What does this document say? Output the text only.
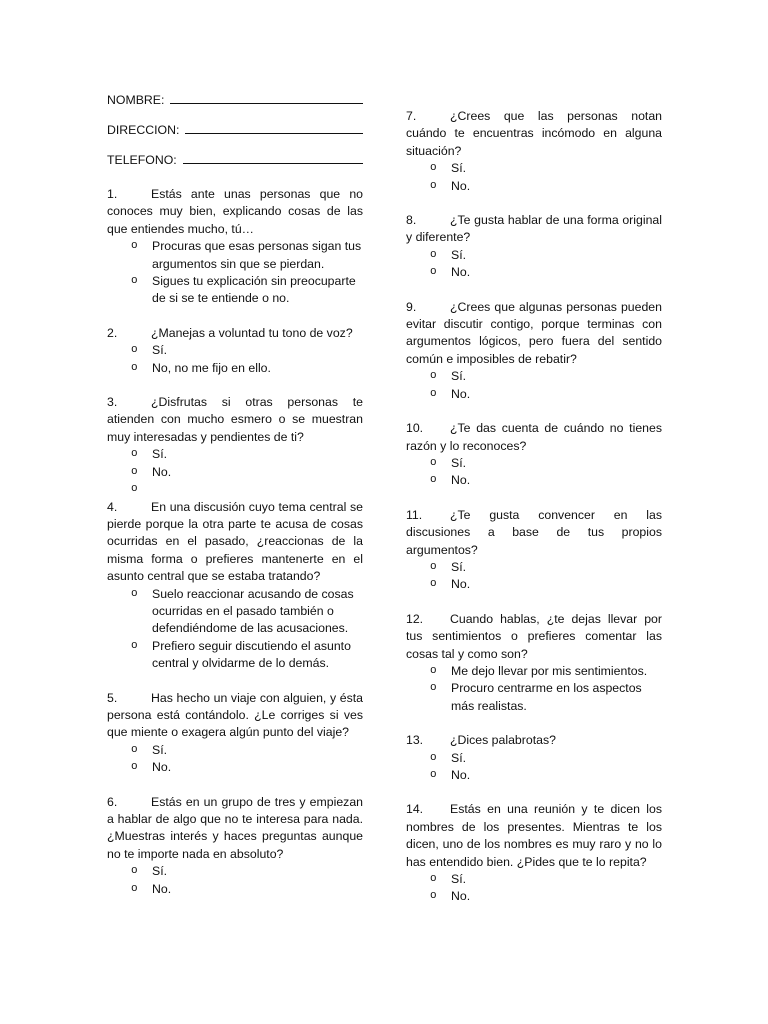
NOMBRE:
DIRECCION:
TELEFONO:
1.	Estás ante unas personas que no conoces muy bien, explicando cosas de las que entiendes mucho, tú…
o Procuras que esas personas sigan tus argumentos sin que se pierdan.
o Sigues tu explicación sin preocuparte de si se te entiende o no.
2.	¿Manejas a voluntad tu tono de voz?
o Sí.
o No, no me fijo en ello.
3.	¿Disfrutas si otras personas te atienden con mucho esmero o se muestran muy interesadas y pendientes de ti?
o Sí.
o No.
o

4.	En una discusión cuyo tema central se pierde porque la otra parte te acusa de cosas ocurridas en el pasado, ¿reaccionas de la misma forma o prefieres mantenerte en el asunto central que se estaba tratando?
o Suelo reaccionar acusando de cosas ocurridas en el pasado también o defendiéndome de las acusaciones.
o Prefiero seguir discutiendo el asunto central y olvidarme de lo demás.
5.	Has hecho un viaje con alguien, y ésta persona está contándolo. ¿Le corriges si ves que miente o exagera algún punto del viaje?
o Sí.
o No.
6.	Estás en un grupo de tres y empiezan a hablar de algo que no te interesa para nada. ¿Muestras interés y haces preguntas aunque no te importe nada en absoluto?
o Sí.
o No.
7.	¿Crees que las personas notan cuándo te encuentras incómodo en alguna situación?
o Sí.
o No.
8.	¿Te gusta hablar de una forma original y diferente?
o Sí.
o No.
9.	¿Crees que algunas personas pueden evitar discutir contigo, porque terminas con argumentos lógicos, pero fuera del sentido común e imposibles de rebatir?
o Sí.
o No.
10. ¿Te das cuenta de cuándo no tienes razón y lo reconoces?
o Sí.
o No.
11. ¿Te gusta convencer en las discusiones a base de tus propios argumentos?
o Sí.
o No.
12. Cuando hablas, ¿te dejas llevar por tus sentimientos o prefieres comentar las cosas tal y como son?
o Me dejo llevar por mis sentimientos.
o Procuro centrarme en los aspectos más realistas.
13. ¿Dices palabrotas?
o Sí.
o No.
14. Estás en una reunión y te dicen los nombres de los presentes. Mientras te los dicen, uno de los nombres es muy raro y no lo has entendido bien. ¿Pides que te lo repita?
o Sí.
o No.
